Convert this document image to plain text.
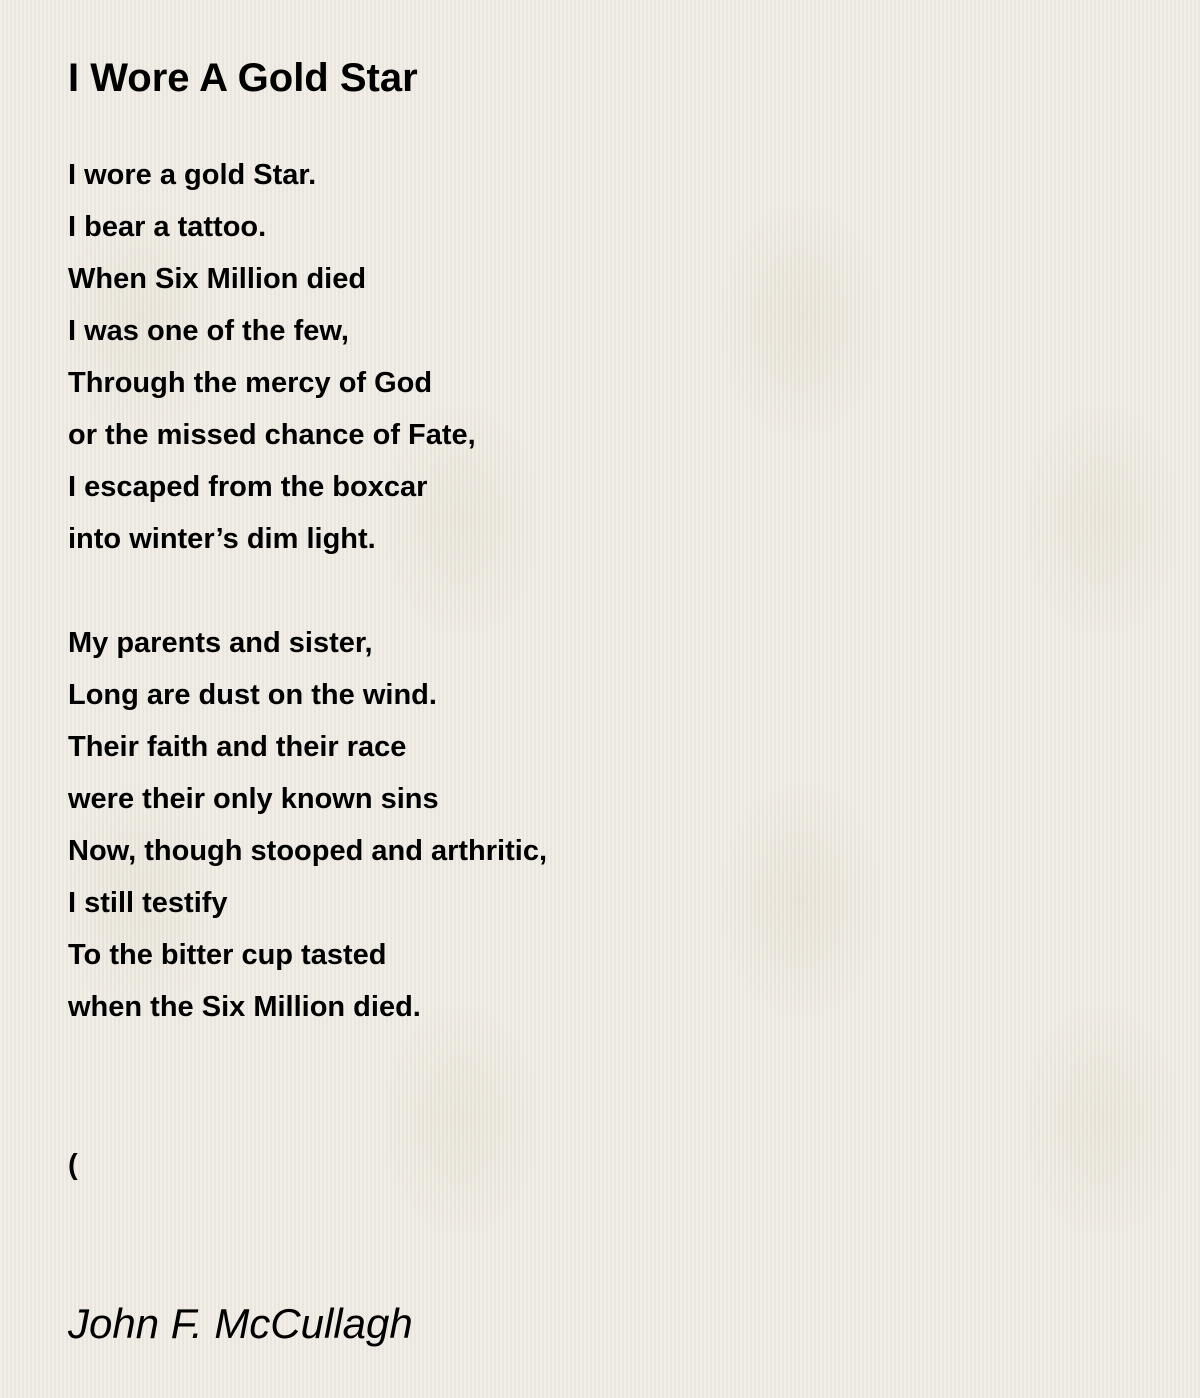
I Wore A Gold Star
I wore a gold Star.
I bear a tattoo.
When Six Million died
I was one of the few,
Through the mercy of God
or the missed chance of Fate,
I escaped from the boxcar
into winter’s dim light.
My parents and sister,
Long are dust on the wind.
Their faith and their race
were their only known sins
Now, though stooped and arthritic,
I still testify
To the bitter cup tasted
when the Six Million died.
(
John F. McCullagh
